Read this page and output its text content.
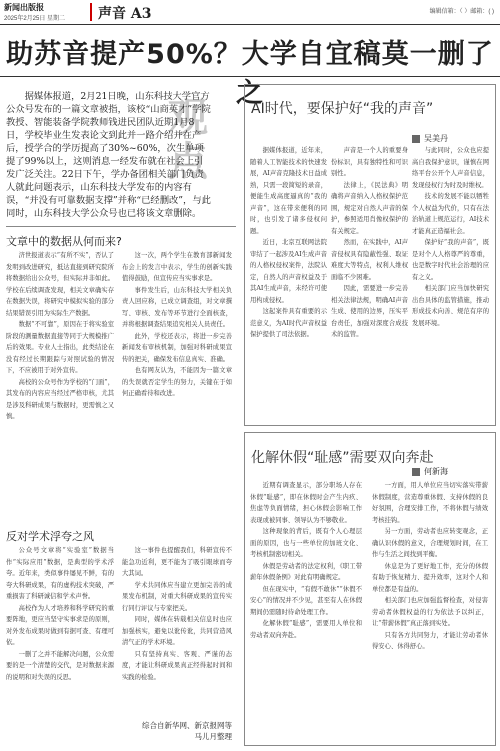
新闻出版报
2025年2月25日 星期二 声音 A3	编辑信箱：（ ）邮箱：( )
助苏音提产50%？大学自宜稿莫一删了之
观点

据媒体报道，2月21日晚，山东科技大学官方公众号发布的一篇文章被指，该校“山商英才”学院教授、智能装备学院教师钱进民团队近期1月8日，学校毕业生发表论文到此并一路介绍并在产后，授学合的学历提高了30%~60%，次生单项提了99%以上，这则消息一经发布就在社会上引发广泛关注。22日下午，学办备团相关部门负责人就此问题表示，山东科技大学发布的内容有误，“并没有可靠数据支撑”并称“已经删改”，与此同时，山东科技大学公众号也已将该文章删除。

文章中的数据从何而来?

济世报道表示“有所不实”，否认了发明到改进研究，抵达直接到研究院所将数据给出公众号，但实际并非如此。学校在后续调查发现，相关文章确实存在数据失误，将研究中模拟实验的部分结果错误引用为实际生产数据。

数据“不可靠”，原因在于将实验室阶段的测量数据直接等同于大规模推广后的效果。专业人士指出，此类结论在没有经过长期跟踪与对照试验的情况下，不应被用于对外宣传。

高校的公众号作为学校的“门面”，其发布的内容应当经过严格审核，尤其是涉及科研成果与数据时，更需慎之又慎。

这一次，两个学生在教育部新闻发布会上的发言中表示，学生的创新实践值得鼓励，但宣传应当实事求是。

事件发生后，山东科技大学相关负责人回应称，已成立调查组，对文章撰写、审核、发布等环节进行全面核查，并将根据调查结果追究相关人员责任。

此外，学校还表示，将进一步完善新闻发布审核机制，加强对科研成果宣传的把关，确保发布信息真实、准确。

也有网友认为，不能因为一篇文章的失误就否定学生的努力，关键在于如何正确看待和改进。

反对学术浮夸之风

公众号文章将“实验室”数据当作“实际应用”数据，是典型的学术浮夸。近年来，类似事件屡见不鲜，有的夸大科研成果，有的虚构技术突破，严重损害了科研诚信和学术声誉。

高校作为人才培养和科学研究的重要阵地，更应当坚守实事求是的原则，对外发布成果时做到有据可查、有理可依。

一删了之并不能解决问题，公众需要的是一个清楚的交代，是对数据来源的说明和对失误的反思。

这一事件也提醒我们，科研宣传不能急功近利，更不能为了吸引眼球而夸大其词。

学术共同体应当建立更加完善的成果发布机制，对重大科研成果的宣传实行同行评议与专家把关。

同时，媒体在转载相关信息时也应加强核实，避免以讹传讹，共同营造风清气正的学术环境。

只有坚持真实、客观、严谨的态度，才能让科研成果真正经得起时间和实践的检验。

综合自新华网、新京报网等
马儿月整理
AI时代，要保护好“我的声音”
吴美丹

据媒体报道，近年来，随着人工智能技术的快速发展，AI声音克隆技术日益成熟，只需一段简短的录音，便能生成高度逼真的“我的声音”，这在带来便利的同时，也引发了诸多侵权问题。

近日，北京互联网法院审结了一起涉及AI生成声音的人格权侵权案件，法院认定，自然人的声音权益及于其AI生成声音，未经许可使用构成侵权。

这起案件具有重要的示范意义，为AI时代声音权益保护提供了司法依据。

声音是一个人的重要身份标识，具有独特性和可识别性。

法律上，《民法典》明确将声音纳入人格权保护范围，规定对自然人声音的保护，参照适用肖像权保护的有关规定。

然而，在实践中，AI声音侵权具有隐蔽性强、取证难度大等特点，权利人维权面临不少困难。

因此，需要进一步完善相关法律法规，明确AI声音生成、使用的边界，压实平台责任，加强对深度合成技术的监管。

与此同时，公众也应提高自我保护意识，谨慎在网络平台公开个人声音信息，发现侵权行为时及时维权。

技术的发展不能以牺牲个人权益为代价，只有在法治轨道上规范运行，AI技术才能真正造福社会。

保护好“我的声音”，既是对个人人格尊严的尊重，也是数字时代社会治理的应有之义。

相关部门应当加快研究出台具体的监管措施，推动形成技术向善、规范有序的发展环境。

化解休假“耻感”需要双向奔赴
何新海

近期有调查显示，部分职场人存在休假“耻感”，即在休假时会产生内疚、焦虑等负面情绪，担心休假会影响工作表现或被同事、领导认为不够敬业。

这种现象的背后，既有个人心理层面的原因，也与一些单位的加班文化、考核机制密切相关。

休假是劳动者的法定权利，《职工带薪年休假条例》对此有明确规定。

但在现实中，“有假不敢休”“休假不安心”的情况并不少见，甚至有人在休假期间仍需随时待命处理工作。

化解休假“耻感”，需要用人单位和劳动者双向奔赴。

一方面，用人单位应当切实落实带薪休假制度，营造尊重休假、支持休假的良好氛围，合理安排工作，不将休假与绩效考核挂钩。

另一方面，劳动者也应转变观念，正确认识休假的意义，合理规划时间，在工作与生活之间找到平衡。

休息是为了更好地工作，充分的休假有助于恢复精力、提升效率，这对个人和单位都是有益的。

相关部门也应加强监督检查，对侵害劳动者休假权益的行为依法予以纠正，让“带薪休假”真正落到实处。

只有各方共同努力，才能让劳动者休得安心、休得舒心。
